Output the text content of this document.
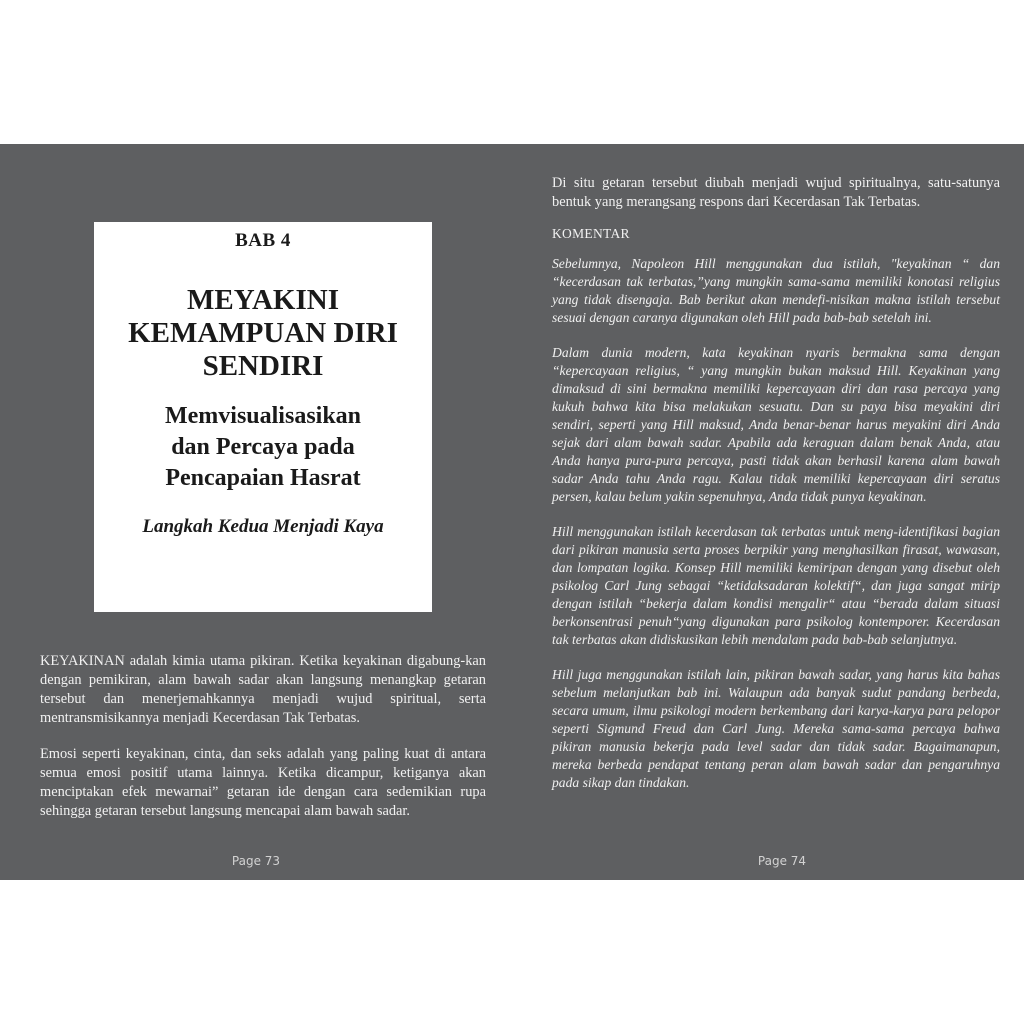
BAB 4
MEYAKINI
KEMAMPUAN DIRI
SENDIRI
Memvisualisasikan
dan Percaya pada
Pencapaian Hasrat
Langkah Kedua Menjadi Kaya

KEYAKINAN adalah kimia utama pikiran. Ketika keyakinan digabung-kan dengan pemikiran, alam bawah sadar akan langsung menangkap getaran tersebut dan menerjemahkannya menjadi wujud spiritual, serta mentransmisikannya menjadi Kecerdasan Tak Terbatas.

Emosi seperti keyakinan, cinta, dan seks adalah yang paling kuat di antara semua emosi positif utama lainnya. Ketika dicampur, ketiganya akan menciptakan efek mewarnai” getaran ide dengan cara sedemikian rupa sehingga getaran tersebut langsung mencapai alam bawah sadar.

Page 73

Di situ getaran tersebut diubah menjadi wujud spiritualnya, satu-satunya bentuk yang merangsang respons dari Kecerdasan Tak Terbatas.

KOMENTAR

Sebelumnya, Napoleon Hill menggunakan dua istilah, "keyakinan “ dan “kecerdasan tak terbatas,”yang mungkin sama-sama memiliki konotasi religius yang tidak disengaja. Bab berikut akan mendefi-nisikan makna istilah tersebut sesuai dengan caranya digunakan oleh Hill pada bab-bab setelah ini.

Dalam dunia modern, kata keyakinan nyaris bermakna sama dengan “kepercayaan religius, “ yang mungkin bukan maksud Hill. Keyakinan yang dimaksud di sini bermakna memiliki kepercayaan diri dan rasa percaya yang kukuh bahwa kita bisa melakukan sesuatu. Dan su paya bisa meyakini diri sendiri, seperti yang Hill maksud, Anda benar-benar harus meyakini diri Anda sejak dari alam bawah sadar. Apabila ada keraguan dalam benak Anda, atau Anda hanya pura-pura percaya, pasti tidak akan berhasil karena alam bawah sadar Anda tahu Anda ragu. Kalau tidak memiliki kepercayaan diri seratus persen, kalau belum yakin sepenuhnya, Anda tidak punya keyakinan.

Hill menggunakan istilah kecerdasan tak terbatas untuk meng-identifikasi bagian dari pikiran manusia serta proses berpikir yang menghasilkan firasat, wawasan, dan lompatan logika. Konsep Hill memiliki kemiripan dengan yang disebut oleh psikolog Carl Jung sebagai “ketidaksadaran kolektif“, dan juga sangat mirip dengan istilah “bekerja dalam kondisi mengalir“ atau “berada dalam situasi berkonsentrasi penuh“yang digunakan para psikolog kontemporer. Kecerdasan tak terbatas akan didiskusikan lebih mendalam pada bab-bab selanjutnya.

Hill juga menggunakan istilah lain, pikiran bawah sadar, yang harus kita bahas sebelum melanjutkan bab ini. Walaupun ada banyak sudut pandang berbeda, secara umum, ilmu psikologi modern berkembang dari karya-karya para pelopor seperti Sigmund Freud dan Carl Jung. Mereka sama-sama percaya bahwa pikiran manusia bekerja pada level sadar dan tidak sadar. Bagaimanapun, mereka berbeda pendapat tentang peran alam bawah sadar dan pengaruhnya pada sikap dan tindakan.

Page 74
